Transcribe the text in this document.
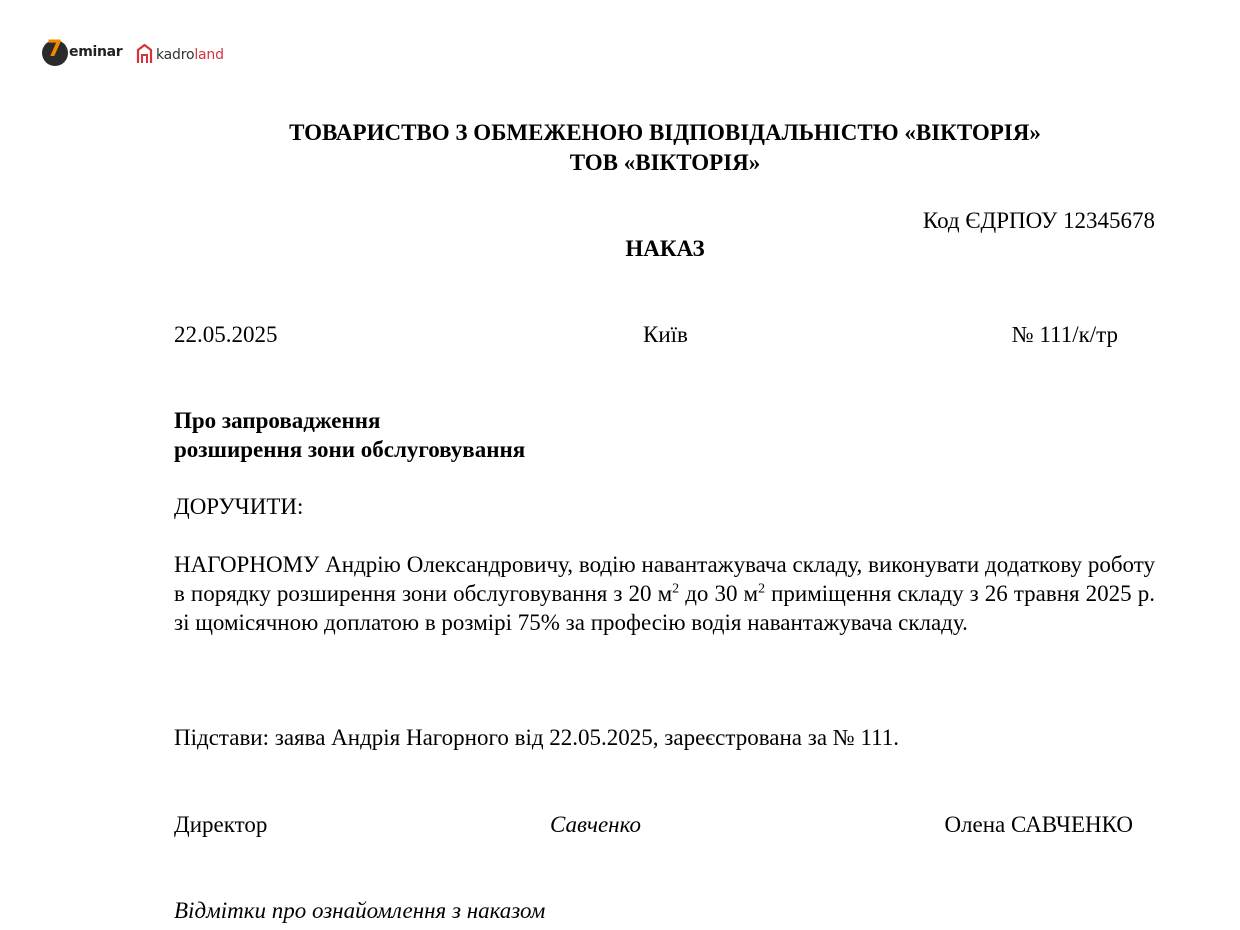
7 eminar kadroland
ТОВАРИСТВО З ОБМЕЖЕНОЮ ВІДПОВІДАЛЬНІСТЮ «ВІКТОРІЯ»
ТОВ «ВІКТОРІЯ»
Код ЄДРПОУ 12345678
НАКАЗ
22.05.2025	Київ	№ 111/к/тр
Про запровадження
розширення зони обслуговування
ДОРУЧИТИ:
НАГОРНОМУ Андрію Олександровичу, водію навантажувача складу, виконувати додаткову роботу в порядку розширення зони обслуговування з 20 $м^2$ до 30 $м^2$ приміщення складу з 26 травня 2025 р. зі щомісячною доплатою в розмірі 75% за професію водія навантажувача складу.
Підстави: заява Андрія Нагорного від 22.05.2025, зареєстрована за № 111.
Директор	Савченко	Олена САВЧЕНКО
Відмітки про ознайомлення з наказом
